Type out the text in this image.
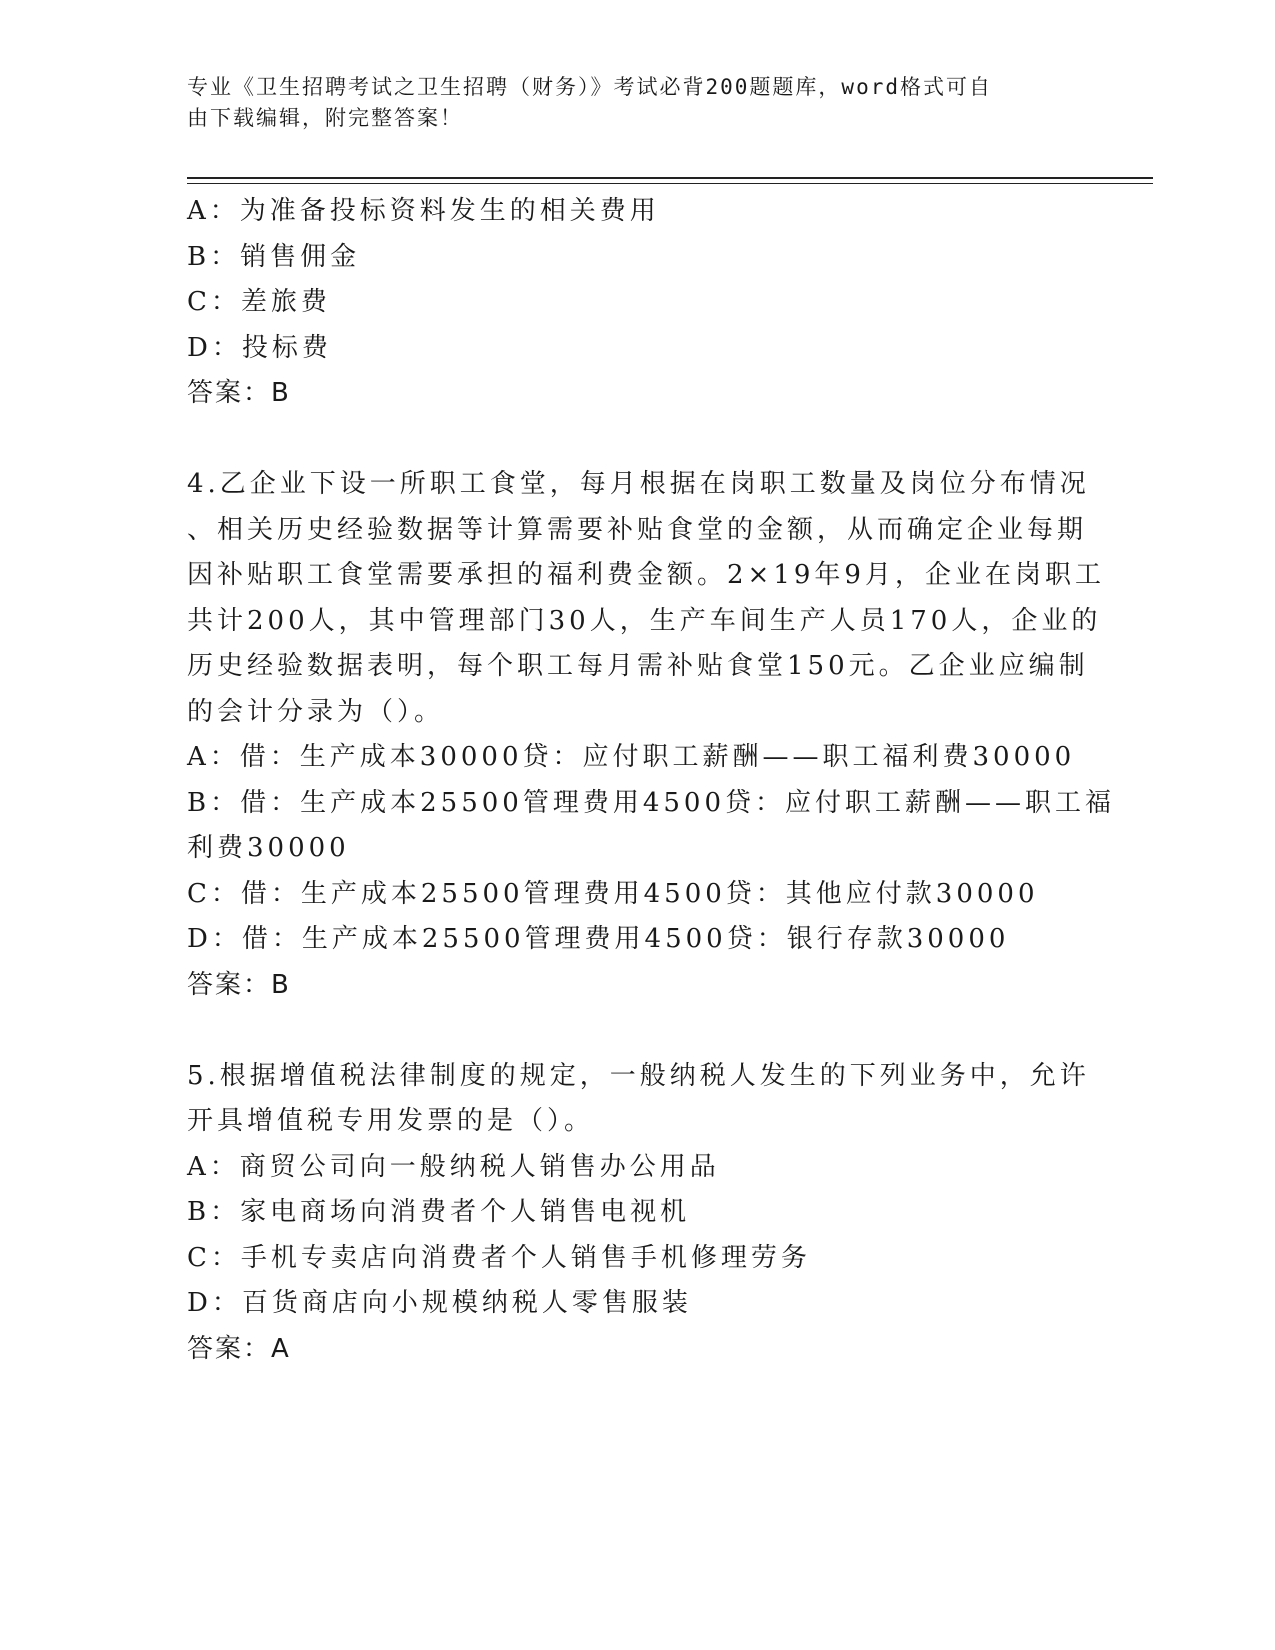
专业《卫生招聘考试之卫生招聘（财务）》考试必背200题题库，word格式可自
由下载编辑，附完整答案！
A：为准备投标资料发生的相关费用
B：销售佣金
C：差旅费
D：投标费
答案：B
4.乙企业下设一所职工食堂，每月根据在岗职工数量及岗位分布情况
、相关历史经验数据等计算需要补贴食堂的金额，从而确定企业每期
因补贴职工食堂需要承担的福利费金额。2×19年9月，企业在岗职工
共计200人，其中管理部门30人，生产车间生产人员170人，企业的
历史经验数据表明，每个职工每月需补贴食堂150元。乙企业应编制
的会计分录为（）。
A：借：生产成本30000贷：应付职工薪酬——职工福利费30000
B：借：生产成本25500管理费用4500贷：应付职工薪酬——职工福
利费30000
C：借：生产成本25500管理费用4500贷：其他应付款30000
D：借：生产成本25500管理费用4500贷：银行存款30000
答案：B
5.根据增值税法律制度的规定，一般纳税人发生的下列业务中，允许
开具增值税专用发票的是（）。
A：商贸公司向一般纳税人销售办公用品
B：家电商场向消费者个人销售电视机
C：手机专卖店向消费者个人销售手机修理劳务
D：百货商店向小规模纳税人零售服装
答案：A
